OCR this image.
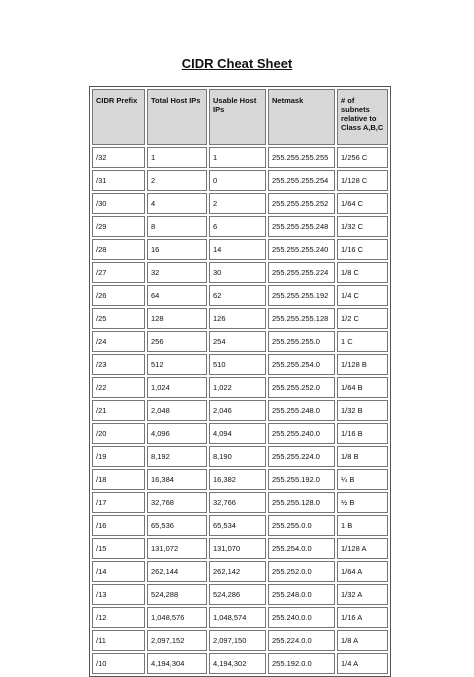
CIDR Cheat Sheet
CIDR Prefix	Total Host IPs	Usable Host IPs	Netmask	# of subnets relative to Class A,B,C
/32	1	1	255.255.255.255	1/256 C
/31	2	0	255.255.255.254	1/128 C
/30	4	2	255.255.255.252	1/64 C
/29	8	6	255.255.255.248	1/32 C
/28	16	14	255.255.255.240	1/16 C
/27	32	30	255.255.255.224	1/8 C
/26	64	62	255.255.255.192	1/4 C
/25	128	126	255.255.255.128	1/2 C
/24	256	254	255.255.255.0	1 C
/23	512	510	255.255.254.0	1/128 B
/22	1,024	1,022	255.255.252.0	1/64 B
/21	2,048	2,046	255.255.248.0	1/32 B
/20	4,096	4,094	255.255.240.0	1/16 B
/19	8,192	8,190	255.255.224.0	1/8 B
/18	16,384	16,382	255.255.192.0	¼ B
/17	32,768	32,766	255.255.128.0	½ B
/16	65,536	65,534	255.255.0.0	1 B
/15	131,072	131,070	255.254.0.0	1/128 A
/14	262,144	262,142	255.252.0.0	1/64 A
/13	524,288	524,286	255.248.0.0	1/32 A
/12	1,048,576	1,048,574	255.240.0.0	1/16 A
/11	2,097,152	2,097,150	255.224.0.0	1/8 A
/10	4,194,304	4,194,302	255.192.0.0	1/4 A
